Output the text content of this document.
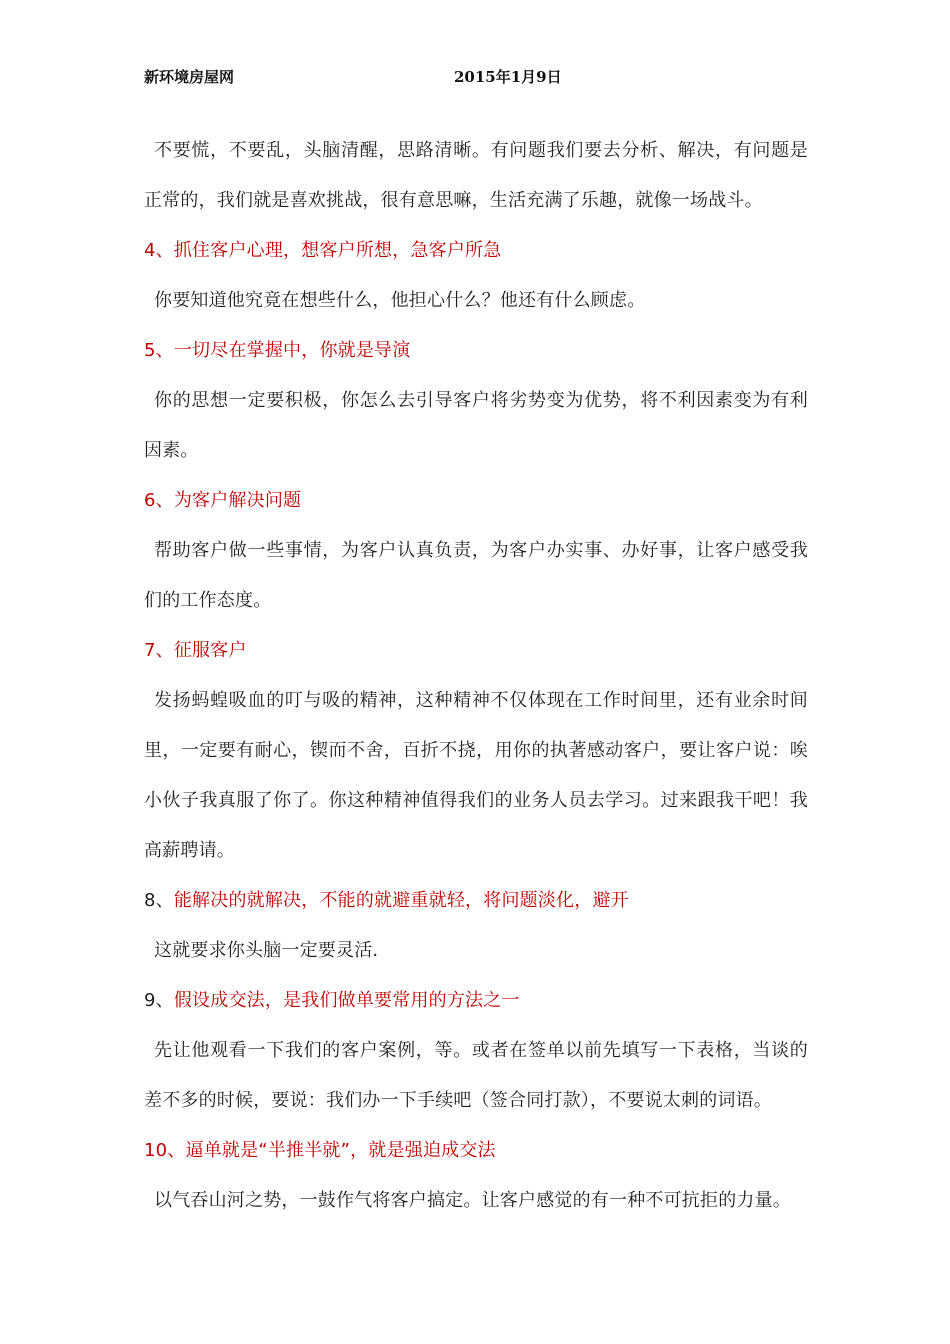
新环境房屋网	2015年1月9日

不要慌，不要乱，头脑清醒，思路清晰。有问题我们要去分析、解决，有问题是正常的，我们就是喜欢挑战，很有意思嘛，生活充满了乐趣，就像一场战斗。

4、抓住客户心理，想客户所想，急客户所急

你要知道他究竟在想些什么，他担心什么？他还有什么顾虑。

5、一切尽在掌握中，你就是导演

你的思想一定要积极，你怎么去引导客户将劣势变为优势，将不利因素变为有利因素。

6、为客户解决问题

帮助客户做一些事情，为客户认真负责，为客户办实事、办好事，让客户感受我们的工作态度。

7、征服客户

发扬蚂蝗吸血的叮与吸的精神，这种精神不仅体现在工作时间里，还有业余时间里，一定要有耐心，锲而不舍，百折不挠，用你的执著感动客户，要让客户说：唉小伙子我真服了你了。你这种精神值得我们的业务人员去学习。过来跟我干吧！我高薪聘请。

8、能解决的就解决，不能的就避重就轻，将问题淡化，避开

这就要求你头脑一定要灵活.

9、假设成交法，是我们做单要常用的方法之一

先让他观看一下我们的客户案例，等。或者在签单以前先填写一下表格，当谈的差不多的时候，要说：我们办一下手续吧（签合同打款），不要说太刺的词语。

10、逼单就是“半推半就”，就是强迫成交法

以气吞山河之势，一鼓作气将客户搞定。让客户感觉的有一种不可抗拒的力量。
